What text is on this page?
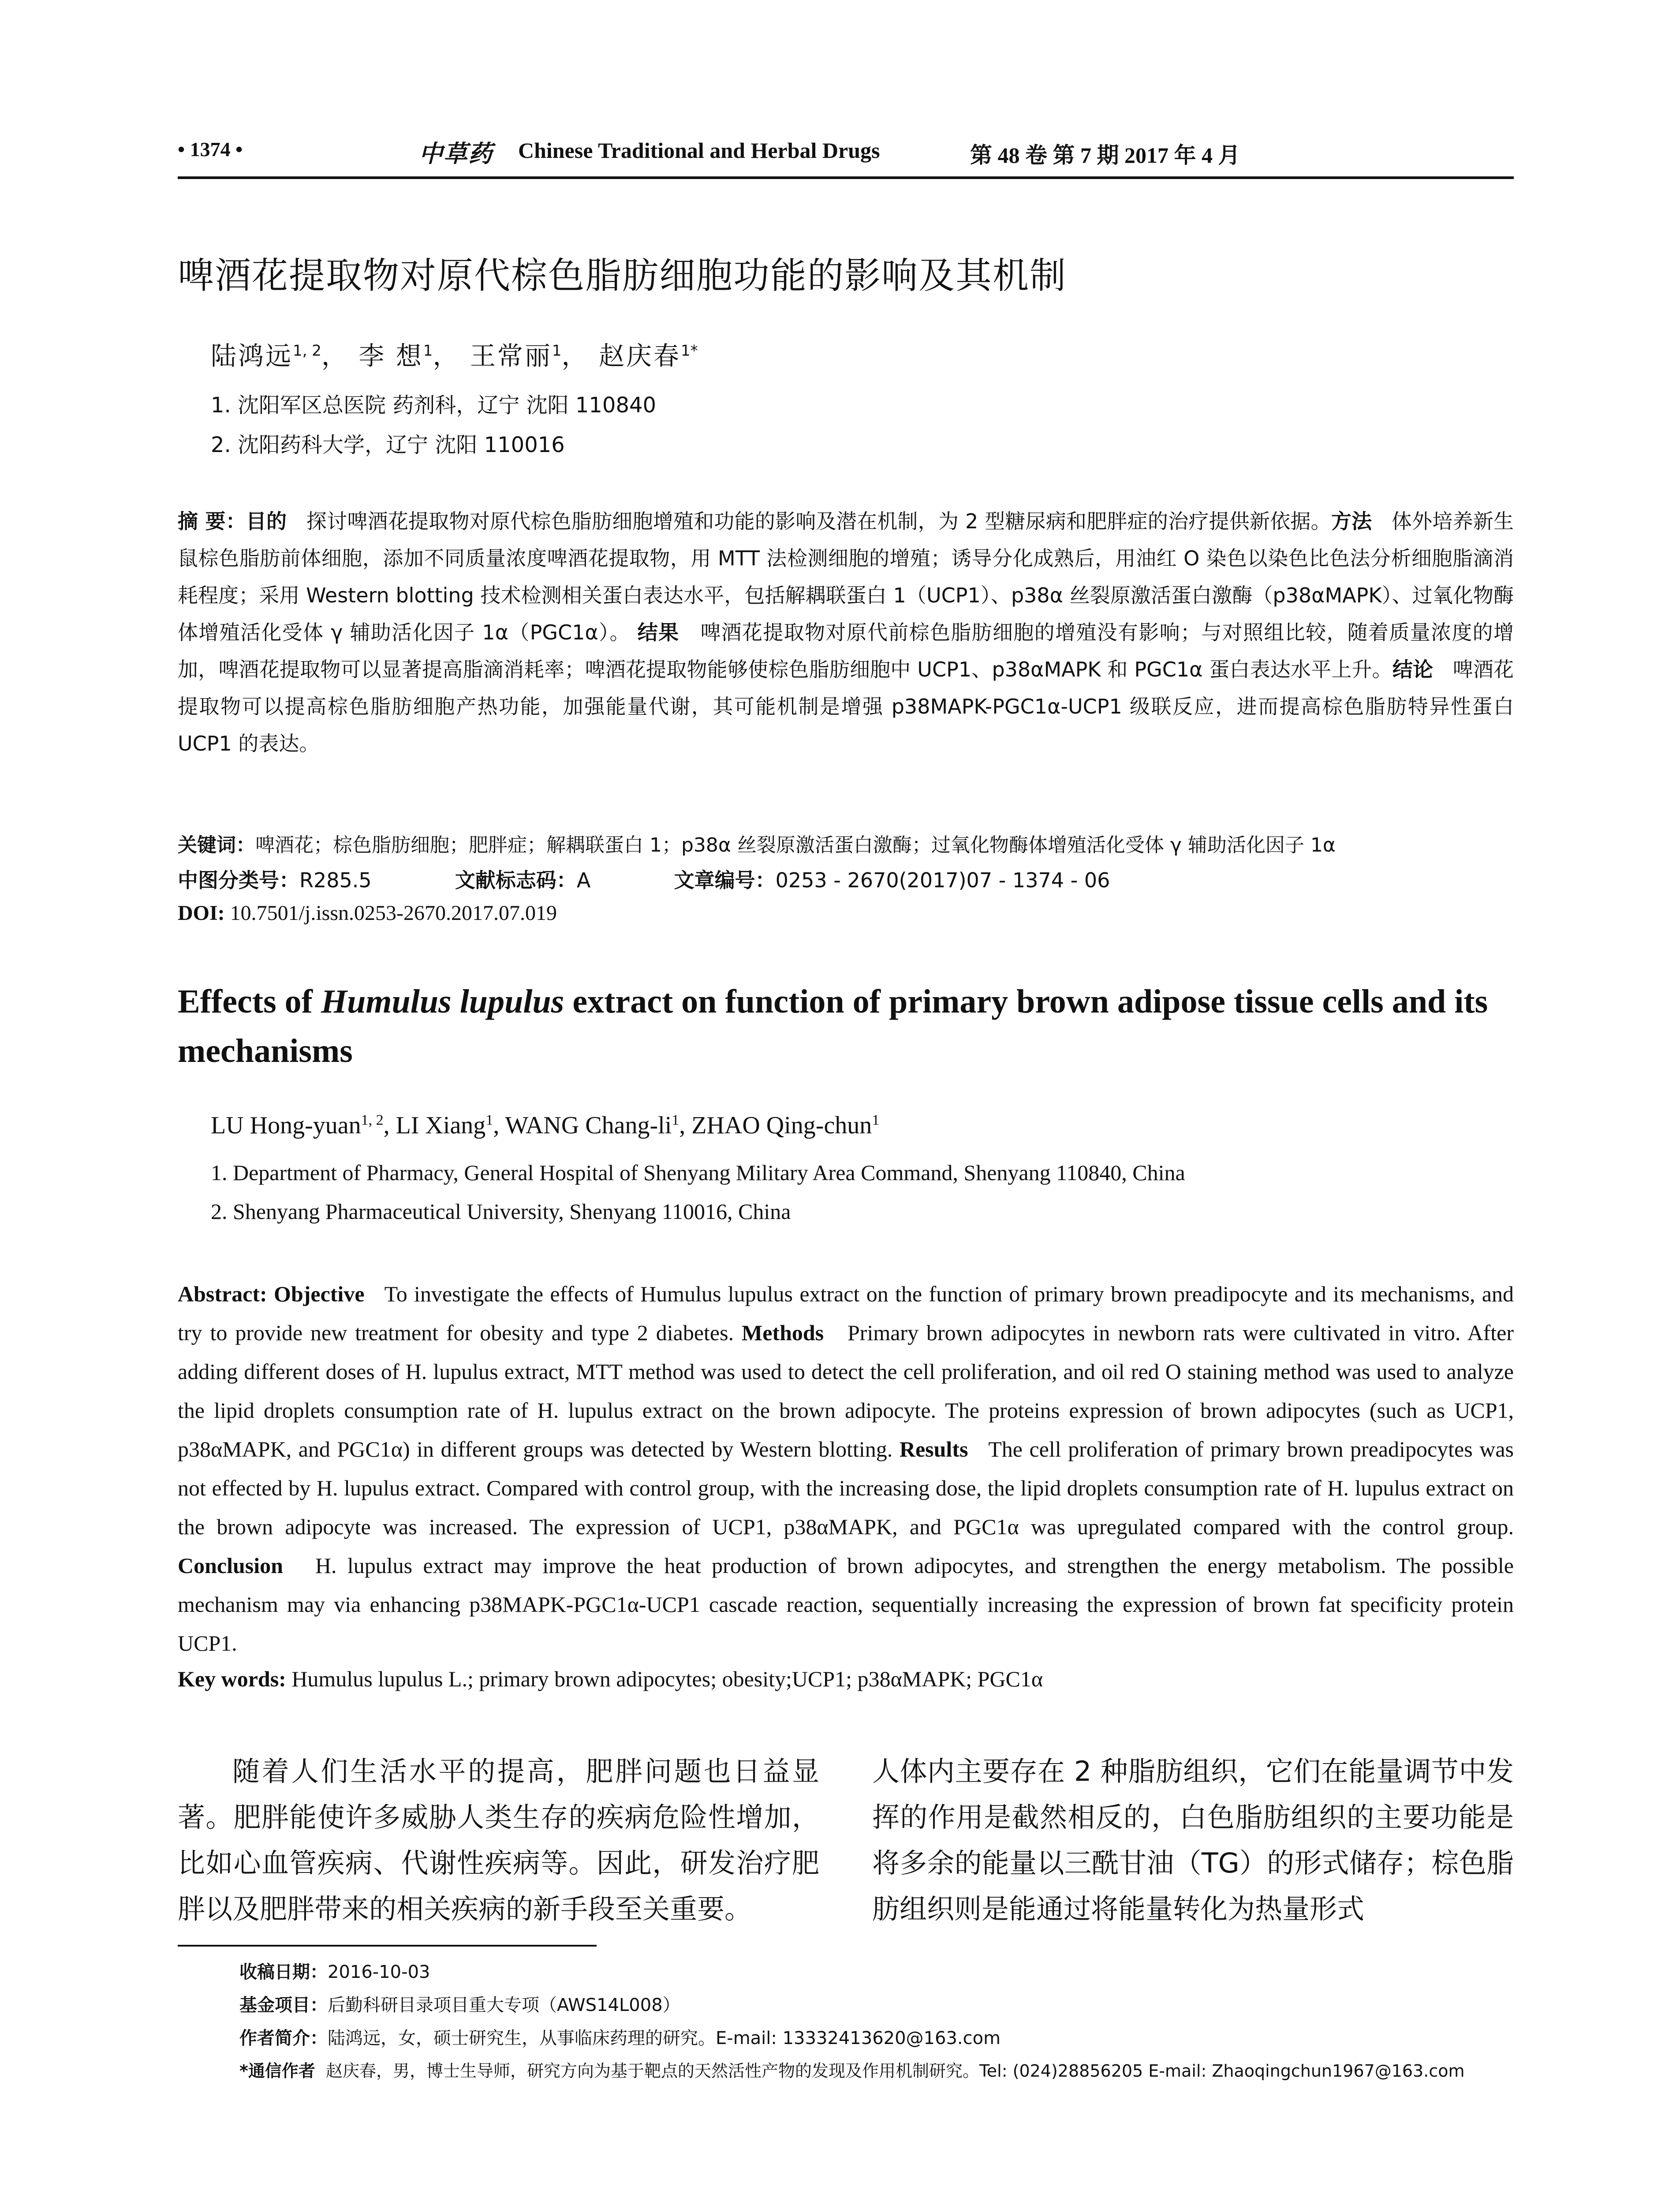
• 1374 •	中草药 Chinese Traditional and Herbal Drugs	第 48 卷 第 7 期 2017 年 4 月
啤酒花提取物对原代棕色脂肪细胞功能的影响及其机制
陆鸿远$^{1, 2}$， 李 想$^1$， 王常丽$^1$， 赵庆春$^{1*}$
1. 沈阳军区总医院 药剂科，辽宁 沈阳 110840
2. 沈阳药科大学，辽宁 沈阳 110016
摘 要：目的 探讨啤酒花提取物对原代棕色脂肪细胞增殖和功能的影响及潜在机制，为 2 型糖尿病和肥胖症的治疗提供新依据。方法 体外培养新生鼠棕色脂肪前体细胞，添加不同质量浓度啤酒花提取物，用 MTT 法检测细胞的增殖；诱导分化成熟后，用油红 O 染色以染色比色法分析细胞脂滴消耗程度；采用 Western blotting 技术检测相关蛋白表达水平，包括解耦联蛋白 1（UCP1）、p38α 丝裂原激活蛋白激酶（p38αMAPK）、过氧化物酶体增殖活化受体 γ 辅助活化因子 1α（PGC1α）。 结果 啤酒花提取物对原代前棕色脂肪细胞的增殖没有影响；与对照组比较，随着质量浓度的增加，啤酒花提取物可以显著提高脂滴消耗率；啤酒花提取物能够使棕色脂肪细胞中 UCP1、p38αMAPK 和 PGC1α 蛋白表达水平上升。结论 啤酒花提取物可以提高棕色脂肪细胞产热功能，加强能量代谢，其可能机制是增强 p38MAPK-PGC1α-UCP1 级联反应，进而提高棕色脂肪特异性蛋白 UCP1 的表达。
关键词：啤酒花；棕色脂肪细胞；肥胖症；解耦联蛋白 1；p38α 丝裂原激活蛋白激酶；过氧化物酶体增殖活化受体 γ 辅助活化因子 1α
中图分类号：R285.5	文献标志码：A	文章编号：0253 - 2670(2017)07 - 1374 - 06
DOI: 10.7501/j.issn.0253-2670.2017.07.019
Effects of Humulus lupulus extract on function of primary brown adipose tissue cells and its mechanisms
LU Hong-yuan$^{1, 2}$, LI Xiang$^1$, WANG Chang-$li^1$, ZHAO Qing-chun$^1$
1. Department of Pharmacy, General Hospital of Shenyang Military Area Command, Shenyang 110840, China
2. Shenyang Pharmaceutical University, Shenyang 110016, China
Abstract: Objective To investigate the effects of Humulus lupulus extract on the function of primary brown preadipocyte and its mechanisms, and try to provide new treatment for obesity and type 2 diabetes. Methods Primary brown adipocytes in newborn rats were cultivated in vitro. After adding different doses of H. lupulus extract, MTT method was used to detect the cell proliferation, and oil red O staining method was used to analyze the lipid droplets consumption rate of H. lupulus extract on the brown adipocyte. The proteins expression of brown adipocytes (such as UCP1, p38αMAPK, and PGC1α) in different groups was detected by Western blotting. Results The cell proliferation of primary brown preadipocytes was not effected by H. lupulus extract. Compared with control group, with the increasing dose, the lipid droplets consumption rate of H. lupulus extract on the brown adipocyte was increased. The expression of UCP1, p38αMAPK, and PGC1α was upregulated compared with the control group. Conclusion H. lupulus extract may improve the heat production of brown adipocytes, and strengthen the energy metabolism. The possible mechanism may via enhancing p38MAPK-PGC1α-UCP1 cascade reaction, sequentially increasing the expression of brown fat specificity protein UCP1.
Key words: Humulus lupulus L.; primary brown adipocytes; obesity;UCP1; p38αMAPK; PGC1α
随着人们生活水平的提高，肥胖问题也日益显著。肥胖能使许多威胁人类生存的疾病危险性增加，比如心血管疾病、代谢性疾病等。因此，研发治疗肥胖以及肥胖带来的相关疾病的新手段至关重要。
人体内主要存在 2 种脂肪组织，它们在能量调节中发挥的作用是截然相反的，白色脂肪组织的主要功能是将多余的能量以三酰甘油（TG）的形式储存；棕色脂肪组织则是能通过将能量转化为热量形式
收稿日期：2016-10-03
基金项目：后勤科研目录项目重大专项（AWS14L008）
作者简介：陆鸿远，女，硕士研究生，从事临床药理的研究。E-mail: 13332413620@163.com
*通信作者 赵庆春，男，博士生导师，研究方向为基于靶点的天然活性产物的发现及作用机制研究。Tel: (024)28856205 E-mail: Zhaoqingchun1967@163.com
